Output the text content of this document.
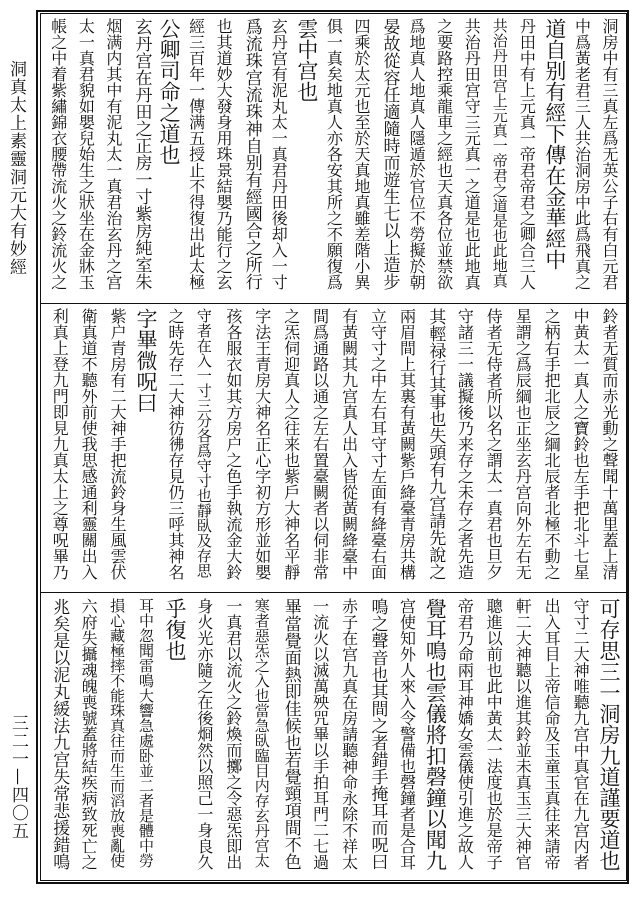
洞真太上素靈洞元大有妙經
三二一—四〇五
洞房中有三真左爲无英公子右有白元君
中爲黃老君三人共治洞房中此爲飛真之
道自别有經下傳在金華經中
丹田中有上元真一帝君帝君之卿合三人
共治丹田宫上元真一帝君之道是也此地真
共治丹田宫守三元真一之道是也此地真
之要路控乘龍車之經也天真各位並禁欲
爲地真人地真人隱遁於官位不勞擬於朝
晏故從容任適隨時而遊生七以上造步
四乘於太元也至於天真地真雖差階小異
俱一真矣地真人亦各安其所之不願復爲
雲中宫也
玄丹宫有泥丸太一真君丹田後却入一寸
爲流珠宫流珠神自别有經國合之所行
也其道妙大發身用珠景結嬰乃能行之玄
經三百年一傳满五授止不得復出此太極
公卿司命之道也
玄丹宫在丹田之正房一寸紫房純室朱
烟满内其中有泥丸太一真君治玄丹之宫
太一真君貌如嬰兒始生之狀坐在金牀玉
帳之中着紫繡錦衣腰帶流火之鈴流火之
鈴者无質而赤光動之聲聞十萬里蓋上清
中黃太一真人之寶鈴也左手把北斗七星
之柄右手把北辰之綱北辰者北極不動之
星謂之爲辰綱也正坐玄丹宫向外左右无
侍者无侍者所以名之謂太一真君也旦夕
守諸三一議擬後乃来存之未存之者先造
其輕禄行其事也失頭有九宫請先說之
兩眉間上其裏有黃闕紫戶絳臺青房共構
立守寸之中左右耳守寸左面有絳臺右面
有黃闕其九宫真人出入皆從黃闕絳臺中
間爲通路以通之左右置臺闕者以伺非常
之炁伺迎真人之往来也紫戶大神名平靜
字法王青房大神名正心字初方形並如嬰
孩各服衣如其方房户之色手執流金大鈴
守者在入一寸三分各爲守寸也靜臥及存思
之時先存二大神彷彿存見仍三呼其神名
字畢微呪曰
紫户青房有二大神手把流鈴身生風雲伏
衛真道不聽外前使我思感通利靈關出入
利真上登九門即見九真太上之尊呪畢乃
可存思三一洞房九道謹要道也
守寸二大神唯聽九宫中真官在九宫内者
出入耳目上帝信命及玉童玉真往来請帝
軒二大神聽以進其鈴並未真玉三大神官
聰進以前也此中黃太一法度也於是帝子
帝君乃命兩耳神嬌女雲儀使引進之故人
覺耳鳴也雲儀將扣磬鐘以聞九
宫使知外人來入令警備也磬鐘者是合耳
鳴之聲音也其間之者錯手掩耳而呪曰
赤子在宫九真在房請聽神命永除不祥太
一流火以滅萬殃咒畢以手拍耳門二七過
畢當覺面熱即佳候也若覺頸項間不色
寒者惡炁之入也當急臥臨目内存玄丹宫太
一真君以流火之鈴煥而擲之令惡炁即出
身火光亦隨之在後烱然以照己一身良久
乎復也
耳中忽聞雷鳴大響急處卧並二者是體中勞
損心藏極摔不能珠真往而生而滔放喪亂使
六府失攝魂魄喪號蓋將結疾病致死亡之
兆矣是以泥丸緩法九宫失常悲援錯鳴
